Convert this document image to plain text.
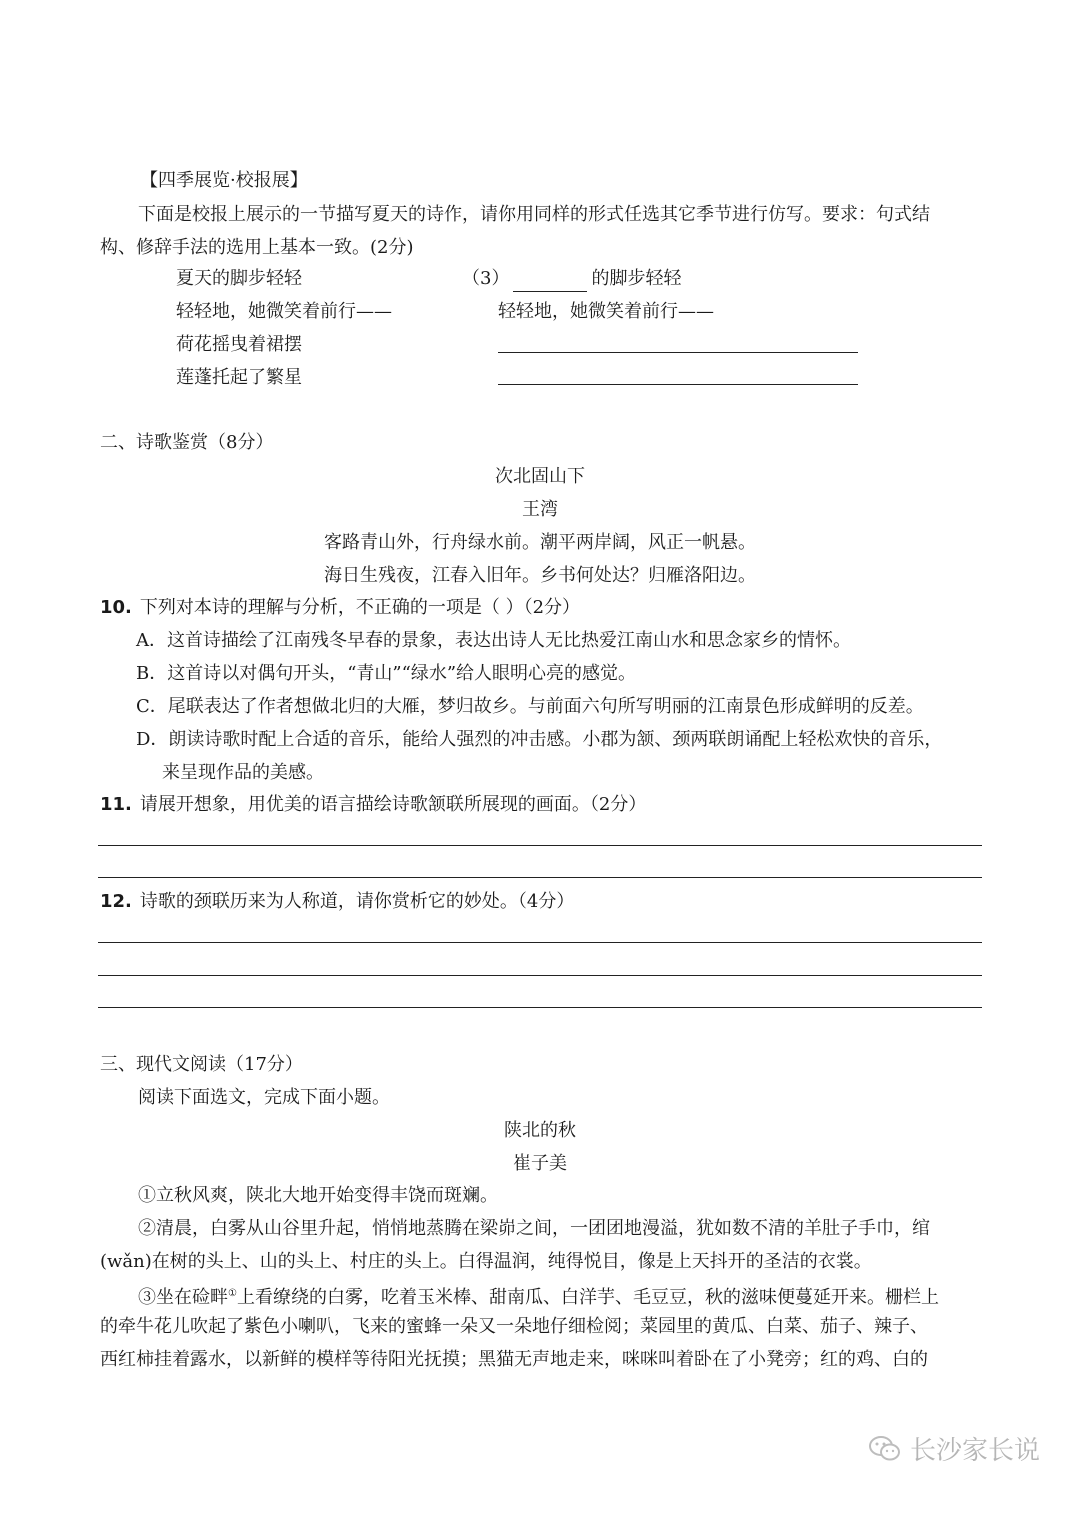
【四季展览·校报展】
下面是校报上展示的一节描写夏天的诗作，请你用同样的形式任选其它季节进行仿写。要求：句式结
构、修辞手法的选用上基本一致。(2分)
夏天的脚步轻轻
轻轻地，她微笑着前行——
荷花摇曳着裙摆
莲蓬托起了繁星
（3）	的脚步轻轻
轻轻地，她微笑着前行——
二、诗歌鉴赏（8分）
次北固山下
王湾
客路青山外，行舟绿水前。潮平两岸阔，风正一帆悬。
海日生残夜，江春入旧年。乡书何处达？归雁洛阳边。
10. 下列对本诗的理解与分析，不正确的一项是（ ）（2分）
A．这首诗描绘了江南残冬早春的景象，表达出诗人无比热爱江南山水和思念家乡的情怀。
B．这首诗以对偶句开头，“青山”“绿水”给人眼明心亮的感觉。
C．尾联表达了作者想做北归的大雁，梦归故乡。与前面六句所写明丽的江南景色形成鲜明的反差。
D．朗读诗歌时配上合适的音乐，能给人强烈的冲击感。小郡为颔、颈两联朗诵配上轻松欢快的音乐，
来呈现作品的美感。
11. 请展开想象，用优美的语言描绘诗歌颔联所展现的画面。（2分）
12. 诗歌的颈联历来为人称道，请你赏析它的妙处。（4分）
三、现代文阅读（17分）
阅读下面选文，完成下面小题。
陕北的秋
崔子美
①立秋风爽，陕北大地开始变得丰饶而斑斓。
②清晨，白雾从山谷里升起，悄悄地蒸腾在梁峁之间，一团团地漫溢，犹如数不清的羊肚子手巾，绾
(wǎn)在树的头上、山的头上、村庄的头上。白得温润，纯得悦目，像是上天抖开的圣洁的衣裳。
③坐在硷畔①上看缭绕的白雾，吃着玉米棒、甜南瓜、白洋芋、毛豆豆，秋的滋味便蔓延开来。栅栏上
的牵牛花儿吹起了紫色小喇叭，飞来的蜜蜂一朵又一朵地仔细检阅；菜园里的黄瓜、白菜、茄子、辣子、
西红柿挂着露水，以新鲜的模样等待阳光抚摸；黑猫无声地走来，咪咪叫着卧在了小凳旁；红的鸡、白的
长沙家长说
